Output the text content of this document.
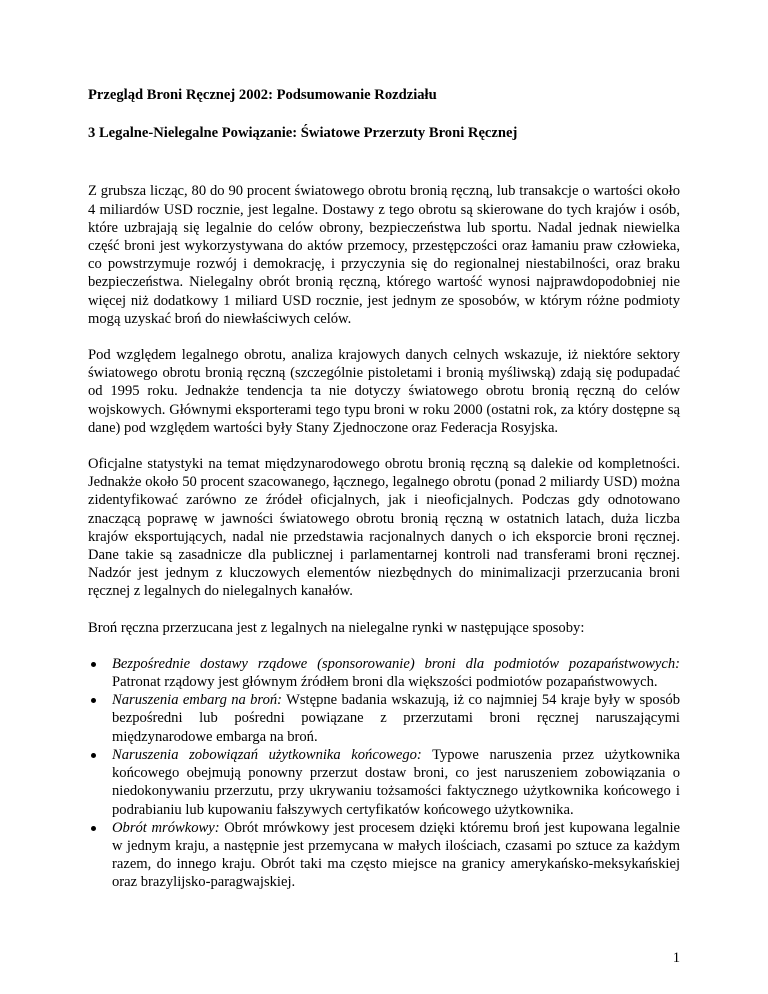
Przegląd Broni Ręcznej 2002: Podsumowanie Rozdziału

3 Legalne-Nielegalne Powiązanie: Światowe Przerzuty Broni Ręcznej

Z grubsza licząc, 80 do 90 procent światowego obrotu bronią ręczną, lub transakcje o wartości około 4 miliardów USD rocznie, jest legalne. Dostawy z tego obrotu są skierowane do tych krajów i osób, które uzbrajają się legalnie do celów obrony, bezpieczeństwa lub sportu. Nadal jednak niewielka część broni jest wykorzystywana do aktów przemocy, przestępczości oraz łamaniu praw człowieka, co powstrzymuje rozwój i demokrację, i przyczynia się do regionalnej niestabilności, oraz braku bezpieczeństwa. Nielegalny obrót bronią ręczną, którego wartość wynosi najprawdopodobniej nie więcej niż dodatkowy 1 miliard USD rocznie, jest jednym ze sposobów, w którym różne podmioty mogą uzyskać broń do niewłaściwych celów.

Pod względem legalnego obrotu, analiza krajowych danych celnych wskazuje, iż niektóre sektory światowego obrotu bronią ręczną (szczególnie pistoletami i bronią myśliwską) zdają się podupadać od 1995 roku. Jednakże tendencja ta nie dotyczy światowego obrotu bronią ręczną do celów wojskowych. Głównymi eksporterami tego typu broni w roku 2000 (ostatni rok, za który dostępne są dane) pod względem wartości były Stany Zjednoczone oraz Federacja Rosyjska.

Oficjalne statystyki na temat międzynarodowego obrotu bronią ręczną są dalekie od kompletności. Jednakże około 50 procent szacowanego, łącznego, legalnego obrotu (ponad 2 miliardy USD) można zidentyfikować zarówno ze źródeł oficjalnych, jak i nieoficjalnych. Podczas gdy odnotowano znaczącą poprawę w jawności światowego obrotu bronią ręczną w ostatnich latach, duża liczba krajów eksportujących, nadal nie przedstawia racjonalnych danych o ich eksporcie broni ręcznej. Dane takie są zasadnicze dla publicznej i parlamentarnej kontroli nad transferami broni ręcznej. Nadzór jest jednym z kluczowych elementów niezbędnych do minimalizacji przerzucania broni ręcznej z legalnych do nielegalnych kanałów.

Broń ręczna przerzucana jest z legalnych na nielegalne rynki w następujące sposoby:

Bezpośrednie dostawy rządowe (sponsorowanie) broni dla podmiotów pozapaństwowych: Patronat rządowy jest głównym źródłem broni dla większości podmiotów pozapaństwowych.
Naruszenia embarg na broń: Wstępne badania wskazują, iż co najmniej 54 kraje były w sposób bezpośredni lub pośredni powiązane z przerzutami broni ręcznej naruszającymi międzynarodowe embarga na broń.
Naruszenia zobowiązań użytkownika końcowego: Typowe naruszenia przez użytkownika końcowego obejmują ponowny przerzut dostaw broni, co jest naruszeniem zobowiązania o niedokonywaniu przerzutu, przy ukrywaniu tożsamości faktycznego użytkownika końcowego i podrabianiu lub kupowaniu fałszywych certyfikatów końcowego użytkownika.
Obrót mrówkowy: Obrót mrówkowy jest procesem dzięki któremu broń jest kupowana legalnie w jednym kraju, a następnie jest przemycana w małych ilościach, czasami po sztuce za każdym razem, do innego kraju. Obrót taki ma często miejsce na granicy amerykańsko-meksykańskiej oraz brazylijsko-paragwajskiej.
1
